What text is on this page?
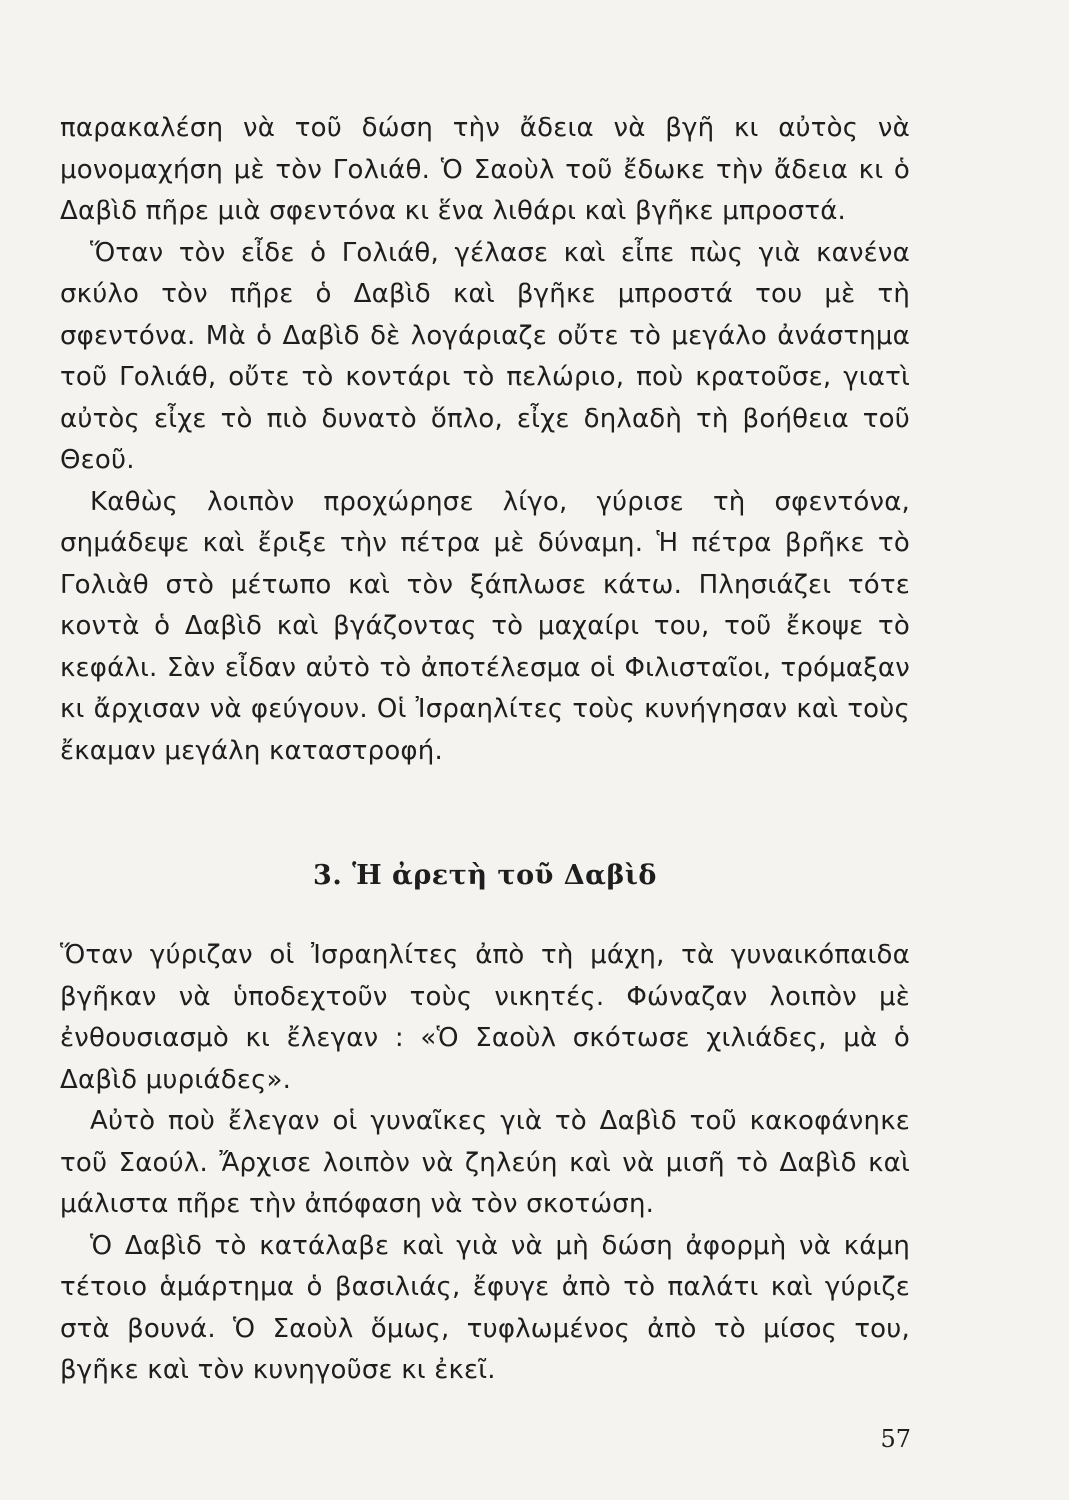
παρακαλέση νὰ τοῦ δώση τὴν ἄδεια νὰ βγῆ κι αὐτὸς νὰ μονομαχήση μὲ τὸν Γολιάθ. Ὁ Σαοὺλ τοῦ ἔδωκε τὴν ἄδεια κι ὁ Δαβὶδ πῆρε μιὰ σφεντόνα κι ἕνα λιθάρι καὶ βγῆκε μπροστά.

Ὅταν τὸν εἶδε ὁ Γολιάθ, γέλασε καὶ εἶπε πὼς γιὰ κανένα σκύλο τὸν πῆρε ὁ Δαβὶδ καὶ βγῆκε μπροστά του μὲ τὴ σφεντόνα. Μὰ ὁ Δαβὶδ δὲ λογάριαζε οὔτε τὸ μεγάλο ἀνάστημα τοῦ Γολιάθ, οὔτε τὸ κοντάρι τὸ πελώριο, ποὺ κρατοῦσε, γιατὶ αὐτὸς εἶχε τὸ πιὸ δυνατὸ ὅπλο, εἶχε δηλαδὴ τὴ βοήθεια τοῦ Θεοῦ.

Καθὼς λοιπὸν προχώρησε λίγο, γύρισε τὴ σφεντόνα, σημάδεψε καὶ ἔριξε τὴν πέτρα μὲ δύναμη. Ἡ πέτρα βρῆκε τὸ Γολιὰθ στὸ μέτωπο καὶ τὸν ξάπλωσε κάτω. Πλησιάζει τότε κοντὰ ὁ Δαβὶδ καὶ βγάζοντας τὸ μαχαίρι του, τοῦ ἔκοψε τὸ κεφάλι. Σὰν εἶδαν αὐτὸ τὸ ἀποτέλεσμα οἱ Φιλισταῖοι, τρόμαξαν κι ἄρχισαν νὰ φεύγουν. Οἱ Ἰσραηλίτες τοὺς κυνήγησαν καὶ τοὺς ἔκαμαν μεγάλη καταστροφή.

3. Ἡ ἀρετὴ τοῦ Δαβὶδ

Ὅταν γύριζαν οἱ Ἰσραηλίτες ἀπὸ τὴ μάχη, τὰ γυναικόπαιδα βγῆκαν νὰ ὑποδεχτοῦν τοὺς νικητές. Φώναζαν λοιπὸν μὲ ἐνθουσιασμὸ κι ἔλεγαν : «Ὁ Σαοὺλ σκότωσε χιλιάδες, μὰ ὁ Δαβὶδ μυριάδες».

Αὐτὸ ποὺ ἔλεγαν οἱ γυναῖκες γιὰ τὸ Δαβὶδ τοῦ κακοφάνηκε τοῦ Σαούλ. Ἄρχισε λοιπὸν νὰ ζηλεύη καὶ νὰ μισῆ τὸ Δαβὶδ καὶ μάλιστα πῆρε τὴν ἀπόφαση νὰ τὸν σκοτώση.

Ὁ Δαβὶδ τὸ κατάλαβε καὶ γιὰ νὰ μὴ δώση ἀφορμὴ νὰ κάμη τέτοιο ἁμάρτημα ὁ βασιλιάς, ἔφυγε ἀπὸ τὸ παλάτι καὶ γύριζε στὰ βουνά. Ὁ Σαοὺλ ὅμως, τυφλωμένος ἀπὸ τὸ μίσος του, βγῆκε καὶ τὸν κυνηγοῦσε κι ἐκεῖ.

57
